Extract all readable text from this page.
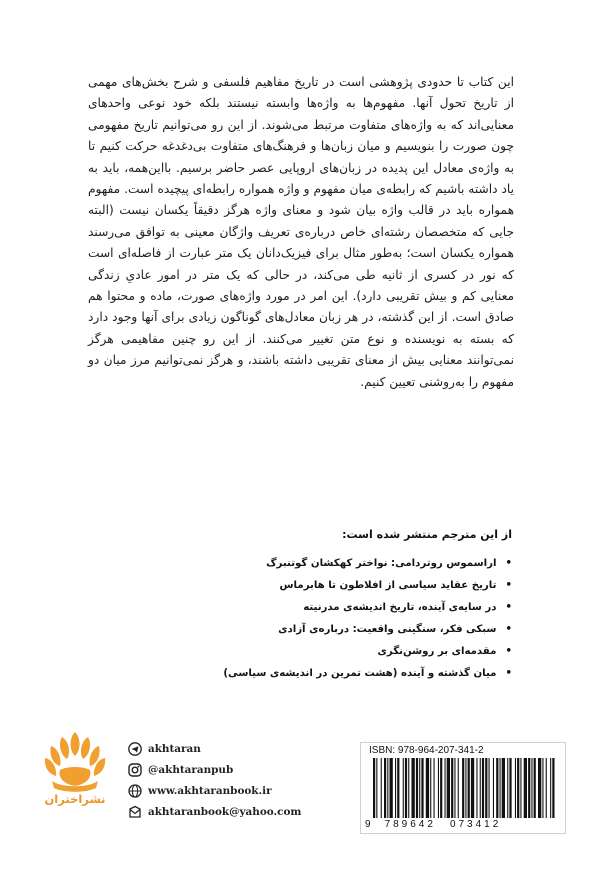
این کتاب تا حدودی پژوهشی است در تاریخ مفاهیم فلسفی و شرح بخش‌های مهمی از تاریخ تحول آنها. مفهوم‌ها به واژه‌ها وابسته نیستند بلکه خود نوعی واحدهای معنایی‌اند که به واژه‌های متفاوت مرتبط می‌شوند. از این رو می‌توانیم تاریخ مفهومی چون صورت را بنویسیم و میان زبان‌ها و فرهنگ‌های متفاوت بی‌دغدغه حرکت کنیم تا به واژه‌ی معادل این پدیده در زبان‌های اروپایی عصر حاضر برسیم. بااین‌همه، باید به یاد داشته باشیم که رابطه‌ی میان مفهوم و واژه همواره رابطه‌ای پیچیده است. مفهوم همواره باید در قالب واژه بیان شود و معنای واژه هرگز دقیقاً یکسان نیست (البته جایی که متخصصان رشته‌ای خاص درباره‌ی تعریف واژگان معینی به توافق می‌رسند همواره یکسان است؛ به‌طور مثال برای فیزیک‌دانان یک متر عبارت از فاصله‌ای است که نور در کسری از ثانیه طی می‌کند، در حالی که یک متر در امور عادیِ زندگی معنایی کم و بیش تقریبی دارد). این امر در مورد واژه‌های صورت، ماده و محتوا هم صادق است. از این گذشته، در هر زبان معادل‌های گوناگون زیادی برای آنها وجود دارد که بسته به نویسنده و نوع متن تغییر می‌کنند. از این رو چنین مفاهیمی هرگز نمی‌توانند معنایی بیش از معنای تقریبی داشته باشند، و هرگز نمی‌توانیم مرز میان دو مفهوم را به‌روشنی تعیین کنیم.

از این مترجم منتشر شده است:
• اراسموس روتردامی: نواختر کهکشان گوتنبرگ
• تاریخ عقاید سیاسی از افلاطون تا هابرماس
• در سایه‌ی آینده، تاریخ اندیشه‌ی مدرنیته
• سبکی فکر، سنگینی واقعیت: درباره‌ی آزادی
• مقدمه‌ای بر روشن‌نگری
• میان گذشته و آینده (هشت تمرین در اندیشه‌ی سیاسی)
نشراختران
akhtaran
@akhtaranpub
www.akhtaranbook.ir
akhtaranbook@yahoo.com
ISBN: 978-964-207-341-2
9 789642 073412
